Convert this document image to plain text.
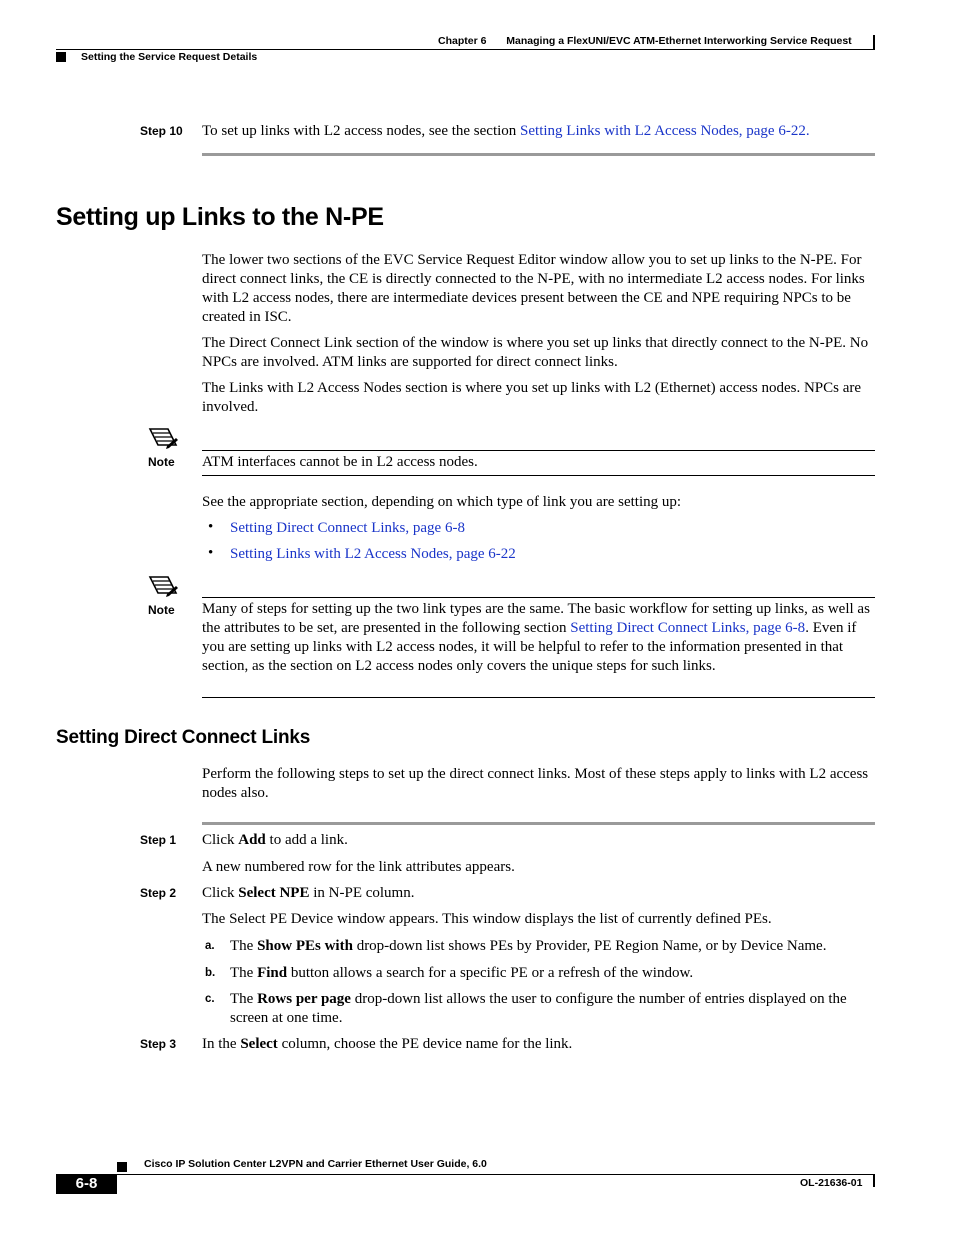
Chapter 6 Managing a FlexUNI/EVC ATM-Ethernet Interworking Service Request
Setting the Service Request Details
Step 10 To set up links with L2 access nodes, see the section Setting Links with L2 Access Nodes, page 6-22.
Setting up Links to the N-PE

The lower two sections of the EVC Service Request Editor window allow you to set up links to the N-PE. For direct connect links, the CE is directly connected to the N-PE, with no intermediate L2 access nodes. For links with L2 access nodes, there are intermediate devices present between the CE and NPE requiring NPCs to be created in ISC.

The Direct Connect Link section of the window is where you set up links that directly connect to the N-PE. No NPCs are involved. ATM links are supported for direct connect links.

The Links with L2 Access Nodes section is where you set up links with L2 (Ethernet) access nodes. NPCs are involved.

Note ATM interfaces cannot be in L2 access nodes.

See the appropriate section, depending on which type of link you are setting up:

• Setting Direct Connect Links, page 6-8
• Setting Links with L2 Access Nodes, page 6-22
Note Many of steps for setting up the two link types are the same. The basic workflow for setting up links, as well as the attributes to be set, are presented in the following section Setting Direct Connect Links, page 6-8. Even if you are setting up links with L2 access nodes, it will be helpful to refer to the information presented in that section, as the section on L2 access nodes only covers the unique steps for such links.

Setting Direct Connect Links

Perform the following steps to set up the direct connect links. Most of these steps apply to links with L2 access nodes also.

Step 1 Click Add to add a link.

A new numbered row for the link attributes appears.

Step 2 Click Select NPE in N-PE column.

The Select PE Device window appears. This window displays the list of currently defined PEs.

a. The Show PEs with drop-down list shows PEs by Provider, PE Region Name, or by Device Name.

b. The Find button allows a search for a specific PE or a refresh of the window.

c. The Rows per page drop-down list allows the user to configure the number of entries displayed on the screen at one time.

Step 3 In the Select column, choose the PE device name for the link.

Cisco IP Solution Center L2VPN and Carrier Ethernet User Guide, 6.0
6-8	OL-21636-01
